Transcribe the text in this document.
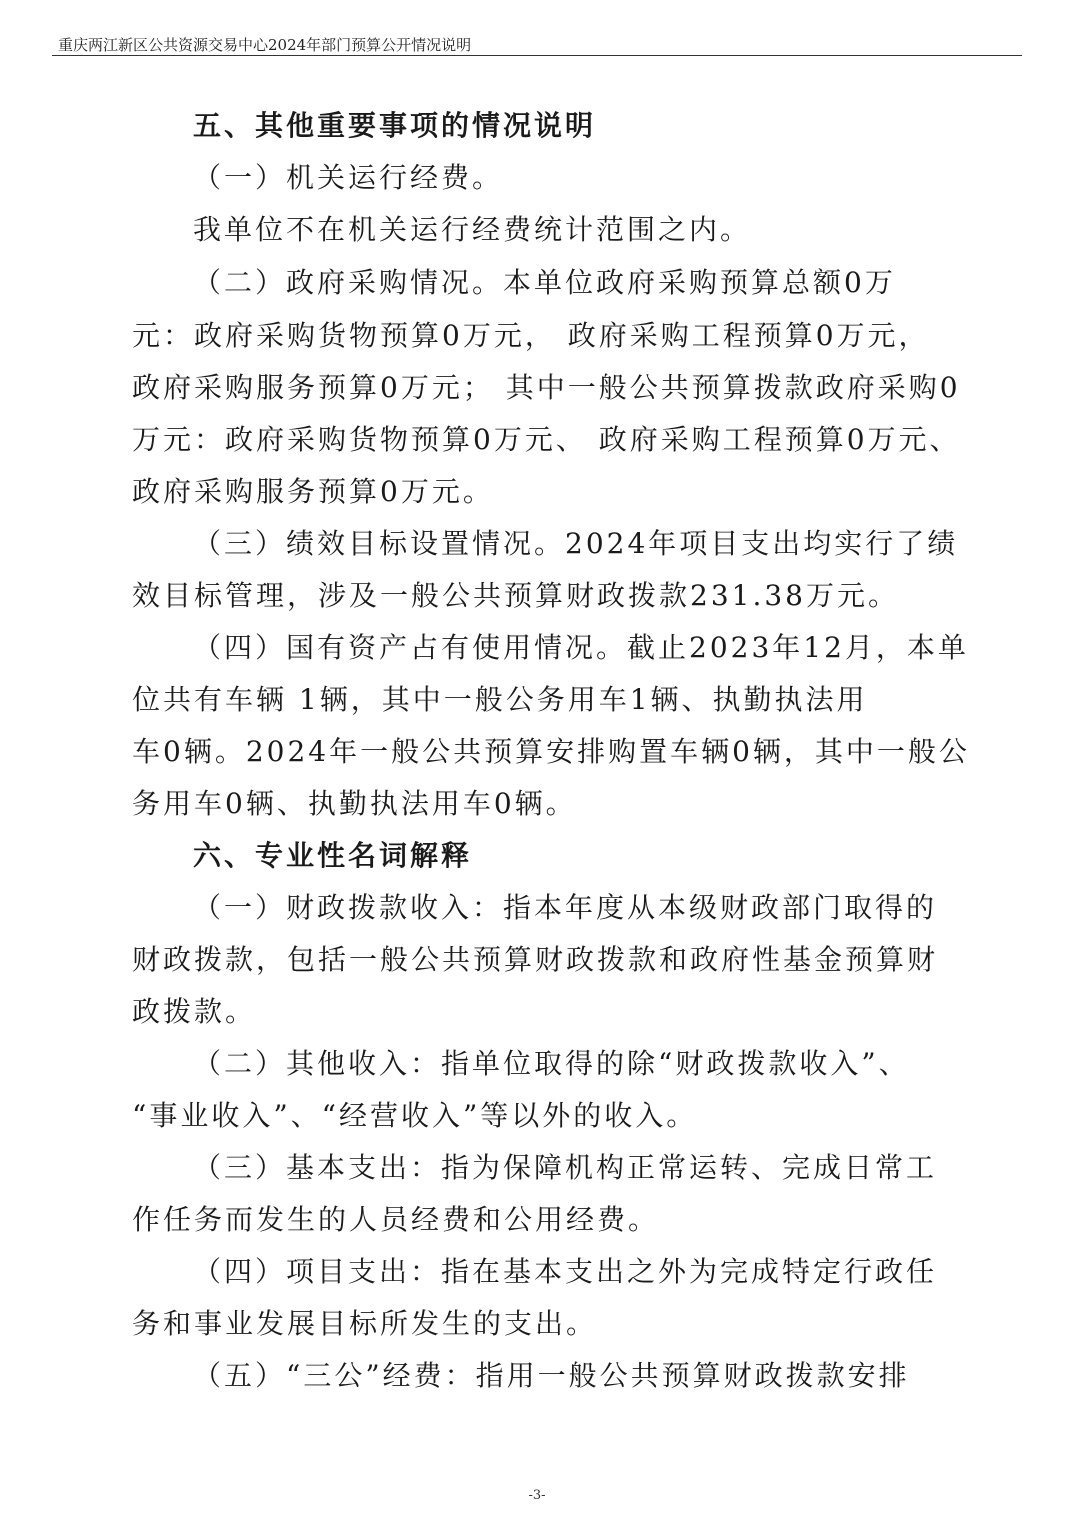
重庆两江新区公共资源交易中心2024年部门预算公开情况说明
五、其他重要事项的情况说明
（一）机关运行经费。
我单位不在机关运行经费统计范围之内。
（二）政府采购情况。本单位政府采购预算总额0万
元：政府采购货物预算0万元， 政府采购工程预算0万元，
政府采购服务预算0万元； 其中一般公共预算拨款政府采购0
万元：政府采购货物预算0万元、 政府采购工程预算0万元、
政府采购服务预算0万元。
（三）绩效目标设置情况。2024年项目支出均实行了绩
效目标管理，涉及一般公共预算财政拨款231.38万元。
（四）国有资产占有使用情况。截止2023年12月，本单
位共有车辆 1辆，其中一般公务用车1辆、执勤执法用
车0辆。2024年一般公共预算安排购置车辆0辆，其中一般公
务用车0辆、执勤执法用车0辆。
六、专业性名词解释
（一）财政拨款收入：指本年度从本级财政部门取得的
财政拨款，包括一般公共预算财政拨款和政府性基金预算财
政拨款。
（二）其他收入：指单位取得的除“财政拨款收入”、
“事业收入”、“经营收入”等以外的收入。
（三）基本支出：指为保障机构正常运转、完成日常工
作任务而发生的人员经费和公用经费。
（四）项目支出：指在基本支出之外为完成特定行政任
务和事业发展目标所发生的支出。
（五）“三公”经费：指用一般公共预算财政拨款安排
-3-
